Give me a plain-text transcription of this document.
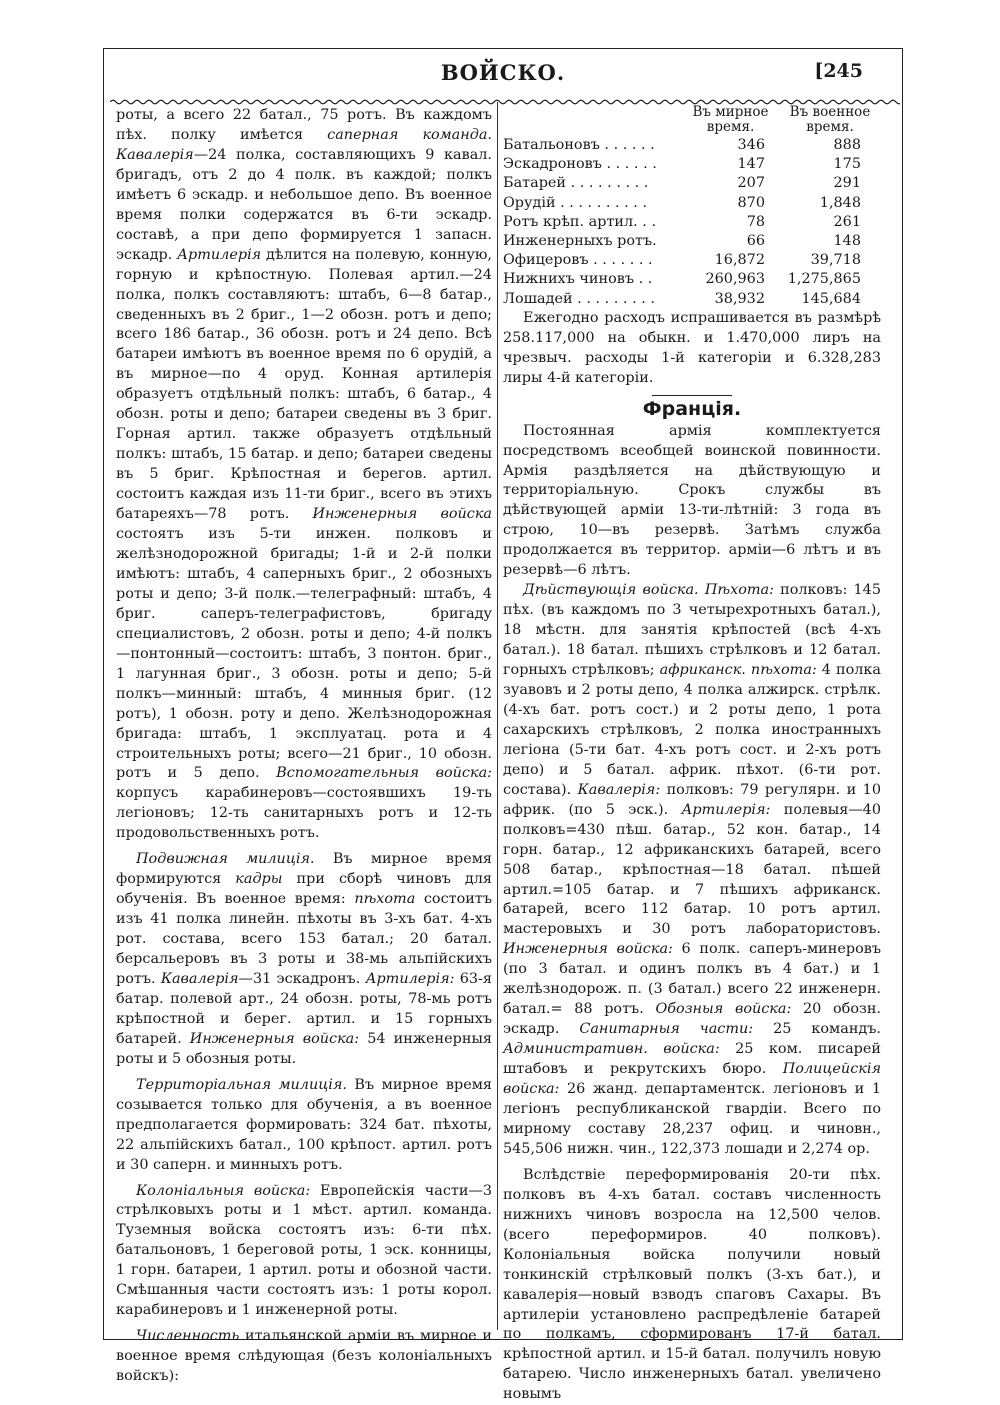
ВОЙСКО.	[245

роты, а всего 22 батал., 75 ротъ. Въ каждомъ пѣх. полку имѣется саперная команда. Кавалерія—24 полка, составляющихъ 9 кавал. бригадъ, отъ 2 до 4 полк. въ каждой; полкъ имѣетъ 6 эскадр. и небольшое депо. Въ военное время полки содержатся въ 6-ти эскадр. составѣ, а при депо формируется 1 запасн. эскадр. Артилерія дѣлится на полевую, конную, горную и крѣпостную. Полевая артил.—24 полка, полкъ составляютъ: штабъ, 6—8 батар., сведенныхъ въ 2 бриг., 1—2 обозн. ротъ и депо; всего 186 батар., 36 обозн. ротъ и 24 депо. Всѣ батареи имѣютъ въ военное время по 6 орудій, а въ мирное—по 4 оруд. Конная артилерія образуетъ отдѣльный полкъ: штабъ, 6 батар., 4 обозн. роты и депо; батареи сведены въ 3 бриг. Горная артил. также образуетъ отдѣльный полкъ: штабъ, 15 батар. и депо; батареи сведены въ 5 бриг. Крѣпостная и берегов. артил. состоитъ каждая изъ 11-ти бриг., всего въ этихъ батареяхъ—78 ротъ. Инженерныя войска состоятъ изъ 5-ти инжен. полковъ и желѣзнодорожной бригады; 1-й и 2-й полки имѣютъ: штабъ, 4 саперныхъ бриг., 2 обозныхъ роты и депо; 3-й полк.—телеграфный: штабъ, 4 бриг. саперъ-телеграфистовъ, бригаду специалистовъ, 2 обозн. роты и депо; 4-й полкъ—понтонный—состоитъ: штабъ, 3 понтон. бриг., 1 лагунная бриг., 3 обозн. роты и депо; 5-й полкъ—минный: штабъ, 4 минныя бриг. (12 ротъ), 1 обозн. роту и депо. Желѣзнодорожная бригада: штабъ, 1 эксплуатац. рота и 4 строительныхъ роты; всего—21 бриг., 10 обозн. ротъ и 5 депо. Вспомогательныя войска: корпусъ карабинеровъ—состоявшихъ 19-ть легіоновъ; 12-ть санитарныхъ ротъ и 12-ть продовольственныхъ ротъ.

Подвижная милиція. Въ мирное время формируются кадры при сборѣ чиновъ для обученія. Въ военное время: пѣхота состоитъ изъ 41 полка линейн. пѣхоты въ 3-хъ бат. 4-хъ рот. состава, всего 153 батал.; 20 батал. берсальеровъ въ 3 роты и 38-мь альпійскихъ ротъ. Кавалерія—31 эскадронъ. Артилерія: 63-я батар. полевой арт., 24 обозн. роты, 78-мь ротъ крѣпостной и берег. артил. и 15 горныхъ батарей. Инженерныя войска: 54 инженерныя роты и 5 обозныя роты.

Территоріальная милиція. Въ мирное время созывается только для обученія, а въ военное предполагается формировать: 324 бат. пѣхоты, 22 альпійскихъ батал., 100 крѣпост. артил. ротъ и 30 саперн. и минныхъ ротъ.

Колоніальныя войска: Европейскія части—3 стрѣлковыхъ роты и 1 мѣст. артил. команда. Туземныя войска состоятъ изъ: 6-ти пѣх. батальоновъ, 1 береговой роты, 1 эск. конницы, 1 горн. батареи, 1 артил. роты и обозной части. Смѣшанныя части состоятъ изъ: 1 роты корол. карабинеровъ и 1 инженерной роты.

Численность итальянской арміи въ мирное и военное время слѣдующая (безъ колоніальныхъ войскъ):

	Въ мирное время.	Въ военное время.
Батальоновъ . . . . . .	346	888
Эскадроновъ . . . . . .	147	175
Батарей . . . . . . . . .	207	291
Орудій . . . . . . . . . .	870	1,848
Ротъ крѣп. артил. . .	78	261
Инженерныхъ ротъ.	66	148
Офицеровъ . . . . . . .	16,872	39,718
Нижнихъ чиновъ . .	260,963	1,275,865
Лошадей . . . . . . . . .	38,932	145,684

Ежегодно расходъ испрашивается въ размѣрѣ 258.117,000 на обыкн. и 1.470,000 лиръ на чрезвыч. расходы 1-й категоріи и 6.328,283 лиры 4-й категоріи.

Франція.

Постоянная армія комплектуется посредствомъ всеобщей воинской повинности. Армія раздѣляется на дѣйствующую и территоріальную. Срокъ службы въ дѣйствующей арміи 13-ти-лѣтній: 3 года въ строю, 10—въ резервѣ. Затѣмъ служба продолжается въ территор. арміи—6 лѣтъ и въ резервѣ—6 лѣтъ.

Дѣйствующія войска. Пѣхота: полковъ: 145 пѣх. (въ каждомъ по 3 четырехротныхъ батал.), 18 мѣстн. для занятія крѣпостей (всѣ 4-хъ батал.). 18 батал. пѣшихъ стрѣлковъ и 12 батал. горныхъ стрѣлковъ; африканск. пѣхота: 4 полка зуавовъ и 2 роты депо, 4 полка алжирск. стрѣлк. (4-хъ бат. ротъ сост.) и 2 роты депо, 1 рота сахарскихъ стрѣлковъ, 2 полка иностранныхъ легіона (5-ти бат. 4-хъ ротъ сост. и 2-хъ ротъ депо) и 5 батал. африк. пѣхот. (6-ти рот. состава). Кавалерія: полковъ: 79 регулярн. и 10 африк. (по 5 эск.). Артилерія: полевыя—40 полковъ=430 пѣш. батар., 52 кон. батар., 14 горн. батар., 12 африканскихъ батарей, всего 508 батар., крѣпостная—18 батал. пѣшей артил.=105 батар. и 7 пѣшихъ африканск. батарей, всего 112 батар. 10 ротъ артил. мастеровыхъ и 30 ротъ лаборатористовъ. Инженерныя войска: 6 полк. саперъ-минеровъ (по 3 батал. и одинъ полкъ въ 4 бат.) и 1 желѣзнодорож. п. (3 батал.) всего 22 инженерн. батал.= 88 ротъ. Обозныя войска: 20 обозн. эскадр. Санитарныя части: 25 командъ. Административн. войска: 25 ком. писарей штабовъ и рекрутскихъ бюро. Полицейскія войска: 26 жанд. департаментск. легіоновъ и 1 легіонъ республиканской гвардіи. Всего по мирному составу 28,237 офиц. и чиновн., 545,506 нижн. чин., 122,373 лошади и 2,274 ор.

Вслѣдствіе переформированія 20-ти пѣх. полковъ въ 4-хъ батал. составъ численность нижнихъ чиновъ возросла на 12,500 челов. (всего переформиров. 40 полковъ). Колоніальныя войска получили новый тонкинскій стрѣлковый полкъ (3-хъ бат.), и кавалерія—новый взводъ спаговъ Сахары. Въ артилеріи установлено распредѣленіе батарей по полкамъ, сформированъ 17-й батал. крѣпостной артил. и 15-й батал. получилъ новую батарею. Число инженерныхъ батал. увеличено новымъ
